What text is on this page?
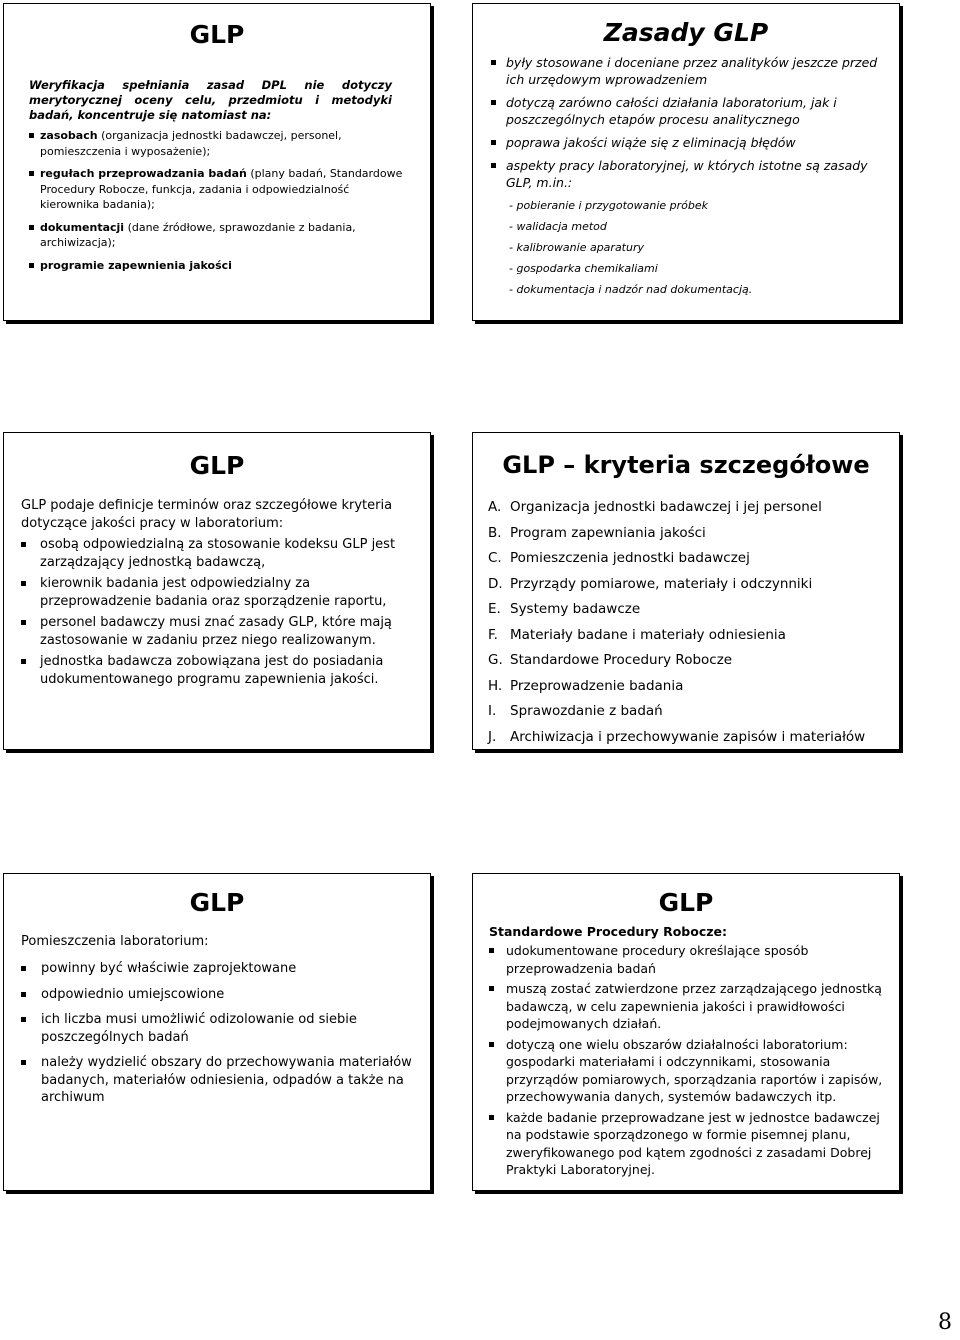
GLP

Weryfikacja spełniania zasad DPL nie dotyczy merytorycznej oceny celu, przedmiotu i metodyki badań, koncentruje się natomiast na:

zasobach (organizacja jednostki badawczej, personel, pomieszczenia i wyposażenie);
regułach przeprowadzania badań (plany badań, Standardowe Procedury Robocze, funkcja, zadania i odpowiedzialność kierownika badania);
dokumentacji (dane źródłowe, sprawozdanie z badania, archiwizacja);
programie zapewnienia jakości
Zasady GLP
były stosowane i doceniane przez analityków jeszcze przed ich urzędowym wprowadzeniem
dotyczą zarówno całości działania laboratorium, jak i poszczególnych etapów procesu analitycznego
poprawa jakości wiąże się z eliminacją błędów
aspekty pracy laboratoryjnej, w których istotne są zasady GLP, m.in.:
- pobieranie i przygotowanie próbek
- walidacja metod
- kalibrowanie aparatury
- gospodarka chemikaliami
- dokumentacja i nadzór nad dokumentacją.
GLP

GLP podaje definicje terminów oraz szczegółowe kryteria dotyczące jakości pracy w laboratorium:

osobą odpowiedzialną za stosowanie kodeksu GLP jest zarządzający jednostką badawczą,
kierownik badania jest odpowiedzialny za przeprowadzenie badania oraz sporządzenie raportu,
personel badawczy musi znać zasady GLP, które mają zastosowanie w zadaniu przez niego realizowanym.
jednostka badawcza zobowiązana jest do posiadania udokumentowanego programu zapewnienia jakości.
GLP – kryteria szczegółowe
A. Organizacja jednostki badawczej i jej personel
B. Program zapewniania jakości
C. Pomieszczenia jednostki badawczej
D. Przyrządy pomiarowe, materiały i odczynniki
E. Systemy badawcze
F. Materiały badane i materiały odniesienia
G. Standardowe Procedury Robocze
H. Przeprowadzenie badania
I.	Sprawozdanie z badań
J.	Archiwizacja i przechowywanie zapisów i materiałów
GLP
Pomieszczenia laboratorium:
powinny być właściwie zaprojektowane
odpowiednio umiejscowione
ich liczba musi umożliwić odizolowanie od siebie poszczególnych badań
należy wydzielić obszary do przechowywania materiałów badanych, materiałów odniesienia, odpadów a także na archiwum
GLP
Standardowe Procedury Robocze:
udokumentowane procedury określające sposób przeprowadzenia badań
muszą zostać zatwierdzone przez zarządzającego jednostką badawczą, w celu zapewnienia jakości i prawidłowości podejmowanych działań.
dotyczą one wielu obszarów działalności laboratorium: gospodarki materiałami i odczynnikami, stosowania przyrządów pomiarowych, sporządzania raportów i zapisów, przechowywania danych, systemów badawczych itp.
każde badanie przeprowadzane jest w jednostce badawczej na podstawie sporządzonego w formie pisemnej planu, zweryfikowanego pod kątem zgodności z zasadami Dobrej Praktyki Laboratoryjnej.
8
